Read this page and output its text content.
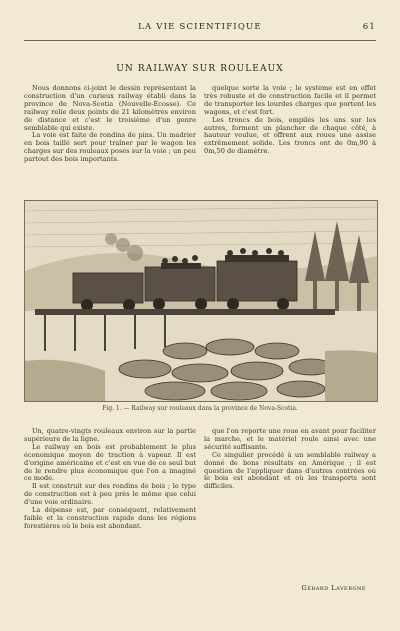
LA VIE SCIENTIFIQUE	61
UN RAILWAY SUR ROULEAUX

Nous donnons ci-joint le dessin représentant la construction d'un curieux railway établi dans la province de Nova-Scotia (Nouvelle-Écosse). Ce railway relie deux points de 21 kilomètres environ de distance et c'est le troisième d'un genre semblable qui existe.

La voie est faite de rondins de pins. Un madrier en bois taillé sert pour traîner par le wagon les charges sur des rouleaux posés sur la voie ; un peu partout des bois importants.

quelque sorte la voie ; le système est en effet très robuste et de construction facile et il permet de transporter les lourdes charges que portent les wagons, et c'est fort.

Les troncs de bois, empilés les uns sur les autres, forment un plancher de chaque côté, à hauteur voulue, et offrent aux roues une assise extrêmement solide. Les troncs ont de 0m,90 à 0m,50 de diamètre.

Fig. 1. — Railway sur rouleaux dans la province de Nova-Scotia.

Un, quatre-vingts rouleaux environ sur la partie supérieure de la ligne.

Le railway en bois est probablement le plus économique moyen de traction à vapeur. Il est d'origine américaine et c'est en vue de ce seul but de le rendre plus économique que l'on a imaginé ce mode.

Il est construit sur des rondins de bois ; le type de construction est à peu près le même que celui d'une voie ordinaire.

La dépense est, par conséquent, relativement faible et la construction rapide dans les régions forestières où le bois est abondant.

que l'on reporte une roue en avant pour faciliter la marche, et le matériel roule ainsi avec une sécurité suffisante.

Ce singulier procédé à un semblable railway a donné de bons résultats en Amérique ; il est question de l'appliquer dans d'autres contrées où le bois est abondant et où les transports sont difficiles.

Gérard Lavergne
